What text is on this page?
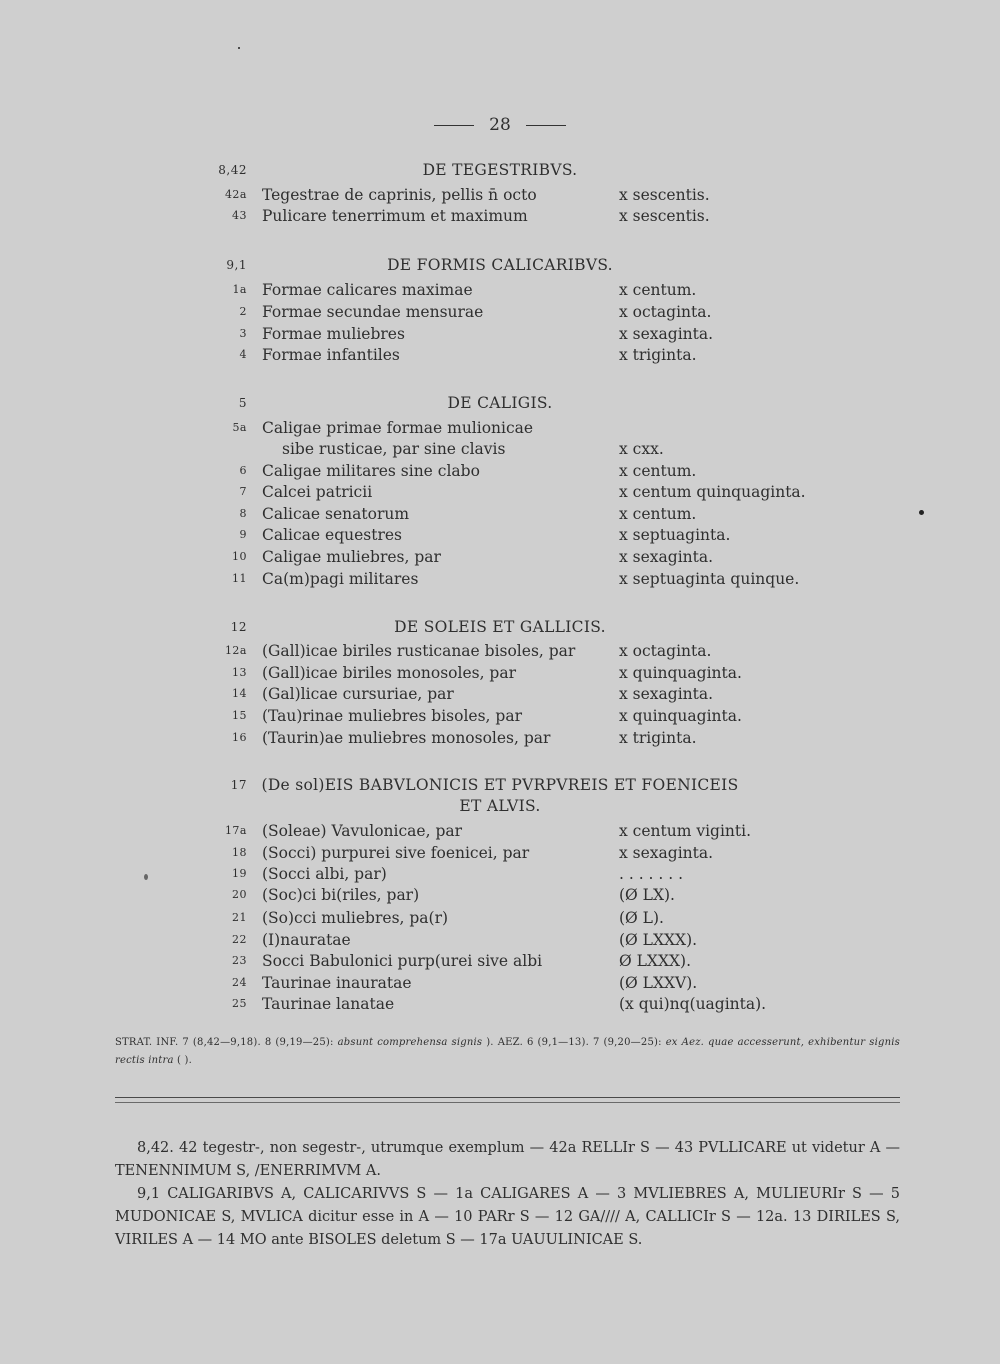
28
8,42	DE TEGESTRIBVS.
42a Tegestrae de caprinis, pellis n̄ octo	x sescentis.
43 Pulicare tenerrimum et maximum	x sescentis.
9,1	DE FORMIS CALICARIBVS.
1a Formae calicares maximae	x centum.
2 Formae secundae mensurae	x octaginta.
3 Formae muliebres	x sexaginta.
4 Formae infantiles	x triginta.
5	DE CALIGIS.
5a Caligae primae formae mulionicae
sibe rusticae, par sine clavis	x cxx.
6 Caligae militares sine clabo	x centum.
7 Calcei patricii	x centum quinquaginta.
8 Calicae senatorum	x centum.
9 Calicae equestres	x septuaginta.
10 Caligae muliebres, par	x sexaginta.
11 Ca(m)pagi militares	x septuaginta quinque.
12	DE SOLEIS ET GALLICIS.
12a (Gall)icae biriles rusticanae bisoles, par	x octaginta.
13 (Gall)icae biriles monosoles, par	x quinquaginta.
14 (Gal)licae cursuriae, par	x sexaginta.
15 (Tau)rinae muliebres bisoles, par	x quinquaginta.
16 (Taurin)ae muliebres monosoles, par	x triginta.
17 (De sol)EIS BABVLONICIS ET PVRPVREIS ET FOENICEIS
ET ALVIS.
17a (Soleae) Vavulonicae, par	x centum viginti.
18 (Socci) purpurei sive foenicei, par	x sexaginta.
19 (Socci albi, par)	. . . . . . .
20 (Soc)ci bi(riles, par)	(Ø LX).
21 (So)cci muliebres, pa(r)	(Ø L).
22 (I)nauratae	(Ø LXXX).
23 Socci Babulonici purp(urei sive albi	Ø LXXX).
24 Taurinae inauratae	(Ø LXXV).
25 Taurinae lanatae	(x qui)nq(uaginta).
STRAT. INF. 7 (8,42—9,18). 8 (9,19—25): absunt comprehensa signis ). AEZ. 6 (9,1—13). 7 (9,20—25): ex Aez. quae accesserunt, exhibentur signis rectis intra ( ).

8,42. 42 tegestr-, non segestr-, utrumque exemplum — 42a RELLIr S — 43 PVLLICARE ut videtur A — TENENNIMUM S, /ENERRIMVM A.

9,1 CALIGARIBVS A, CALICARIVVS S — 1a CALIGARES A — 3 MVLIEBRES A, MULIEURIr S — 5 MUDONICAE S, MVLICA dicitur esse in A — 10 PARr S — 12 GA//// A, CALLICIr S — 12a. 13 DIRILES S, VIRILES A — 14 MO ante BISOLES deletum S — 17a UAUULINICAE S.
